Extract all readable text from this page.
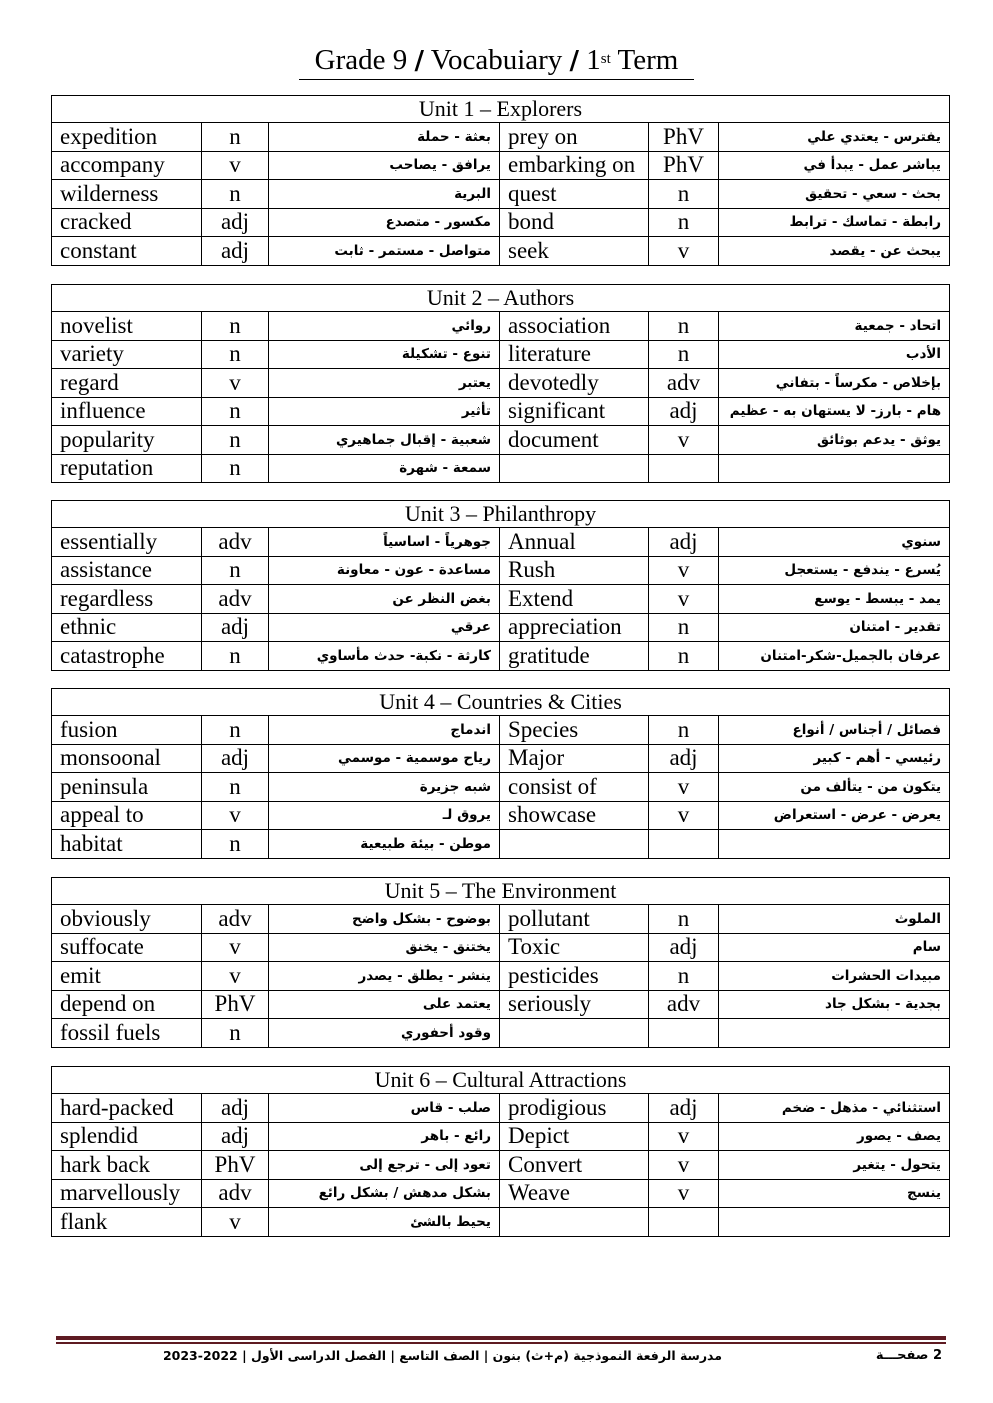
Grade 9 / Vocabuiary / 1st Term
Unit 1 – Explorers					
expedition	n	بعثة - حملة	prey on	PhV	يفترس - يعتدي علي
accompany	v	يرافق - يصاحب	embarking on	PhV	يباشر عمل - يبدأ في
wilderness	n	البرية	quest	n	بحث - سعي - تحقيق
cracked	adj	مكسور - متصدع	bond	n	رابطة - تماسك - ترابط
constant	adj	متواصل - مستمر - ثابت	seek	v	يبحث عن - يقصد
Unit 2 – Authors					
novelist	n	روائي	association	n	اتحاد - جمعية
variety	n	تنوع - تشكيلة	literature	n	الأدب
regard	v	يعتبر	devotedly	adv	بإخلاص - مكرساً - بتفاني
influence	n	تأثير	significant	adj	هام - بارز- لا يستهان به - عظيم
popularity	n	شعبية - إقبال جماهيري	document	v	يوثق - يدعم بوثائق
reputation	n	سمعة - شهرة			
Unit 3 – Philanthropy					
essentially	adv	جوهرياً - اساسياً	Annual	adj	سنوي
assistance	n	مساعدة - عون - معاونة	Rush	v	يُسرع - يندفع - يستعجل
regardless	adv	بغض النظر عن	Extend	v	يمد - يبسط - يوسع
ethnic	adj	عرقي	appreciation	n	تقدير - امتنان
catastrophe	n	كارثة - نكبة- حدث مأساوي	gratitude	n	عرفان بالجميل-شكر-امتنان
Unit 4 – Countries & Cities					
fusion	n	اندماج	Species	n	فصائل / أجناس / أنواع
monsoonal	adj	رياح موسمية - موسمي	Major	adj	رئيسي - أهم - كبير
peninsula	n	شبه جزيرة	consist of	v	يتكون من - يتألف من
appeal to	v	يروق لـ	showcase	v	يعرض - عرض - استعراض
habitat	n	موطن - بيئة طبيعية			
Unit 5 – The Environment					
obviously	adv	بوضوح - بشكل واضح	pollutant	n	الملوث
suffocate	v	يختنق - يخنق	Toxic	adj	سام
emit	v	ينشر - يطلق - يصدر	pesticides	n	مبيدات الحشرات
depend on	PhV	يعتمد على	seriously	adv	بجدية - بشكل جاد
fossil fuels	n	وقود أحفوري			
Unit 6 – Cultural Attractions					
hard-packed	adj	صلب - قاس	prodigious	adj	استثنائي - مذهل - ضخم
splendid	adj	رائع - باهر	Depict	v	يصف - يصور
hark back	PhV	تعود إلى - ترجع إلى	Convert	v	يتحول - يتغير
marvellously	adv	بشكل مدهش / بشكل رائع	Weave	v	ينسج
flank	v	يحيط بالشئ			
مدرسة الرفعة النموذجية (م+ث) بنون | الصف التاسع | الفصل الدراسى الأول | 2022-2023	2 صفحـــة
